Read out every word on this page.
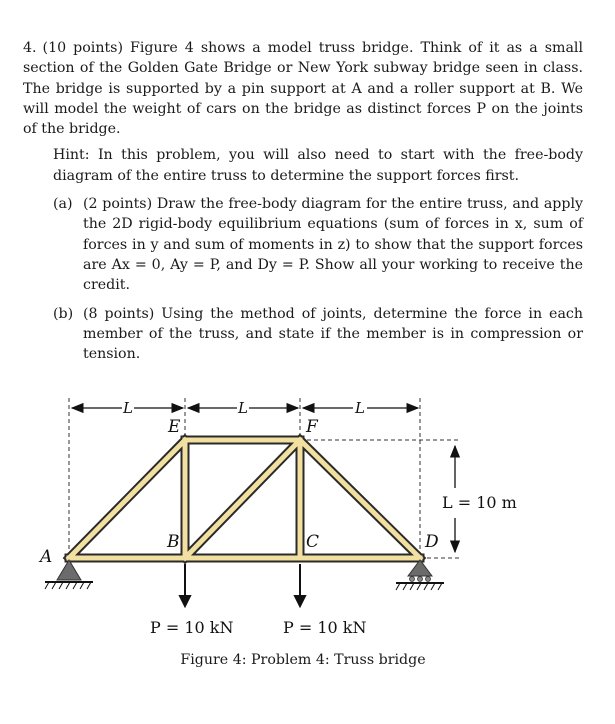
4. (10 points) Figure 4 shows a model truss bridge. Think of it as a small section of the Golden Gate Bridge or New York subway bridge seen in class. The bridge is supported by a pin support at A and a roller support at B. We will model the weight of cars on the bridge as distinct forces P on the joints of the bridge.

Hint: In this problem, you will also need to start with the free-body diagram of the entire truss to determine the support forces first.

(a) (2 points) Draw the free-body diagram for the entire truss, and apply the 2D rigid-body equilibrium equations (sum of forces in x, sum of forces in y and sum of moments in z) to show that the support forces are Ax = 0, Ay = P, and Dy = P. Show all your working to receive the credit.
(b) (8 points) Using the method of joints, determine the force in each member of the truss, and state if the member is in compression or tension.
L	L	L
L = 10 m
A
B	C	D
E	F
P = 10 kN	P = 10 kN
Figure 4: Problem 4: Truss bridge
